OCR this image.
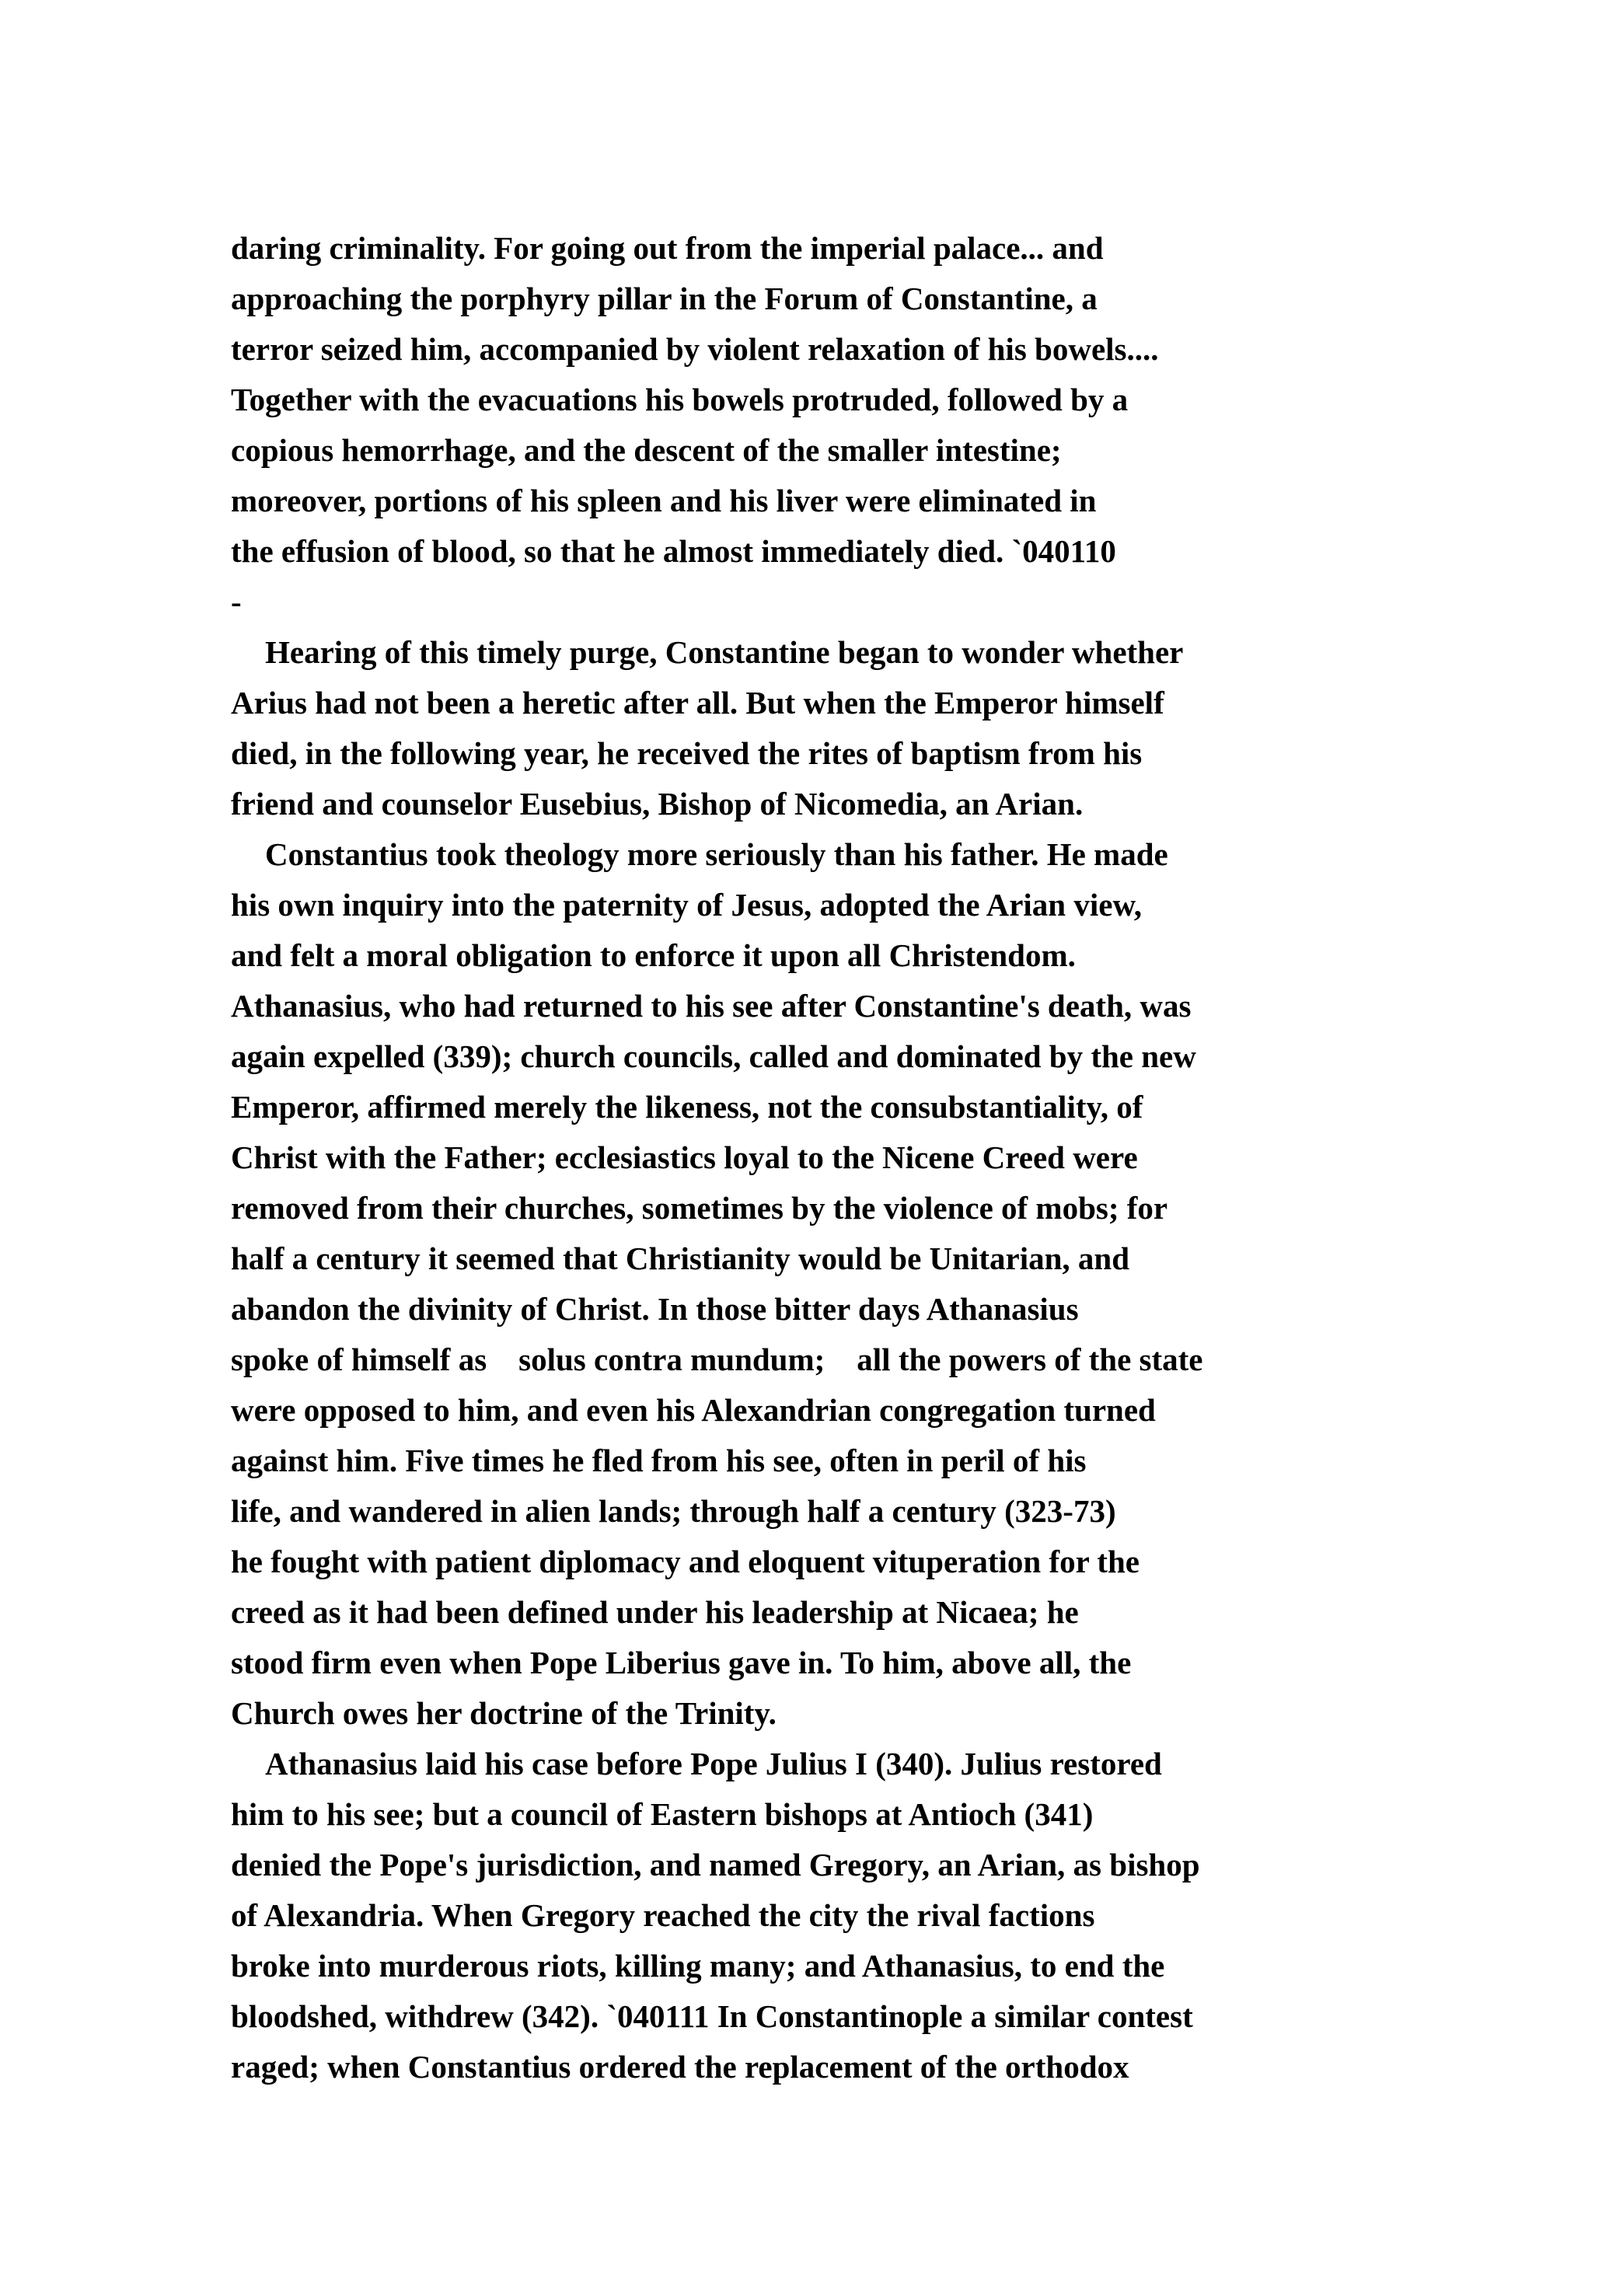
daring criminality. For going out from the imperial palace... and
approaching the porphyry pillar in the Forum of Constantine, a
terror seized him, accompanied by violent relaxation of his bowels....
Together with the evacuations his bowels protruded, followed by a
copious hemorrhage, and the descent of the smaller intestine;
moreover, portions of his spleen and his liver were eliminated in
the effusion of blood, so that he almost immediately died. `040110
-
Hearing of this timely purge, Constantine began to wonder whether
Arius had not been a heretic after all. But when the Emperor himself
died, in the following year, he received the rites of baptism from his
friend and counselor Eusebius, Bishop of Nicomedia, an Arian.
Constantius took theology more seriously than his father. He made
his own inquiry into the paternity of Jesus, adopted the Arian view,
and felt a moral obligation to enforce it upon all Christendom.
Athanasius, who had returned to his see after Constantine's death, was
again expelled (339); church councils, called and dominated by the new
Emperor, affirmed merely the likeness, not the consubstantiality, of
Christ with the Father; ecclesiastics loyal to the Nicene Creed were
removed from their churches, sometimes by the violence of mobs; for
half a century it seemed that Christianity would be Unitarian, and
abandon the divinity of Christ. In those bitter days Athanasius
spoke of himself as    solus contra mundum;    all the powers of the state
were opposed to him, and even his Alexandrian congregation turned
against him. Five times he fled from his see, often in peril of his
life, and wandered in alien lands; through half a century (323-73)
he fought with patient diplomacy and eloquent vituperation for the
creed as it had been defined under his leadership at Nicaea; he
stood firm even when Pope Liberius gave in. To him, above all, the
Church owes her doctrine of the Trinity.
Athanasius laid his case before Pope Julius I (340). Julius restored
him to his see; but a council of Eastern bishops at Antioch (341)
denied the Pope's jurisdiction, and named Gregory, an Arian, as bishop
of Alexandria. When Gregory reached the city the rival factions
broke into murderous riots, killing many; and Athanasius, to end the
bloodshed, withdrew (342). `040111 In Constantinople a similar contest
raged; when Constantius ordered the replacement of the orthodox
